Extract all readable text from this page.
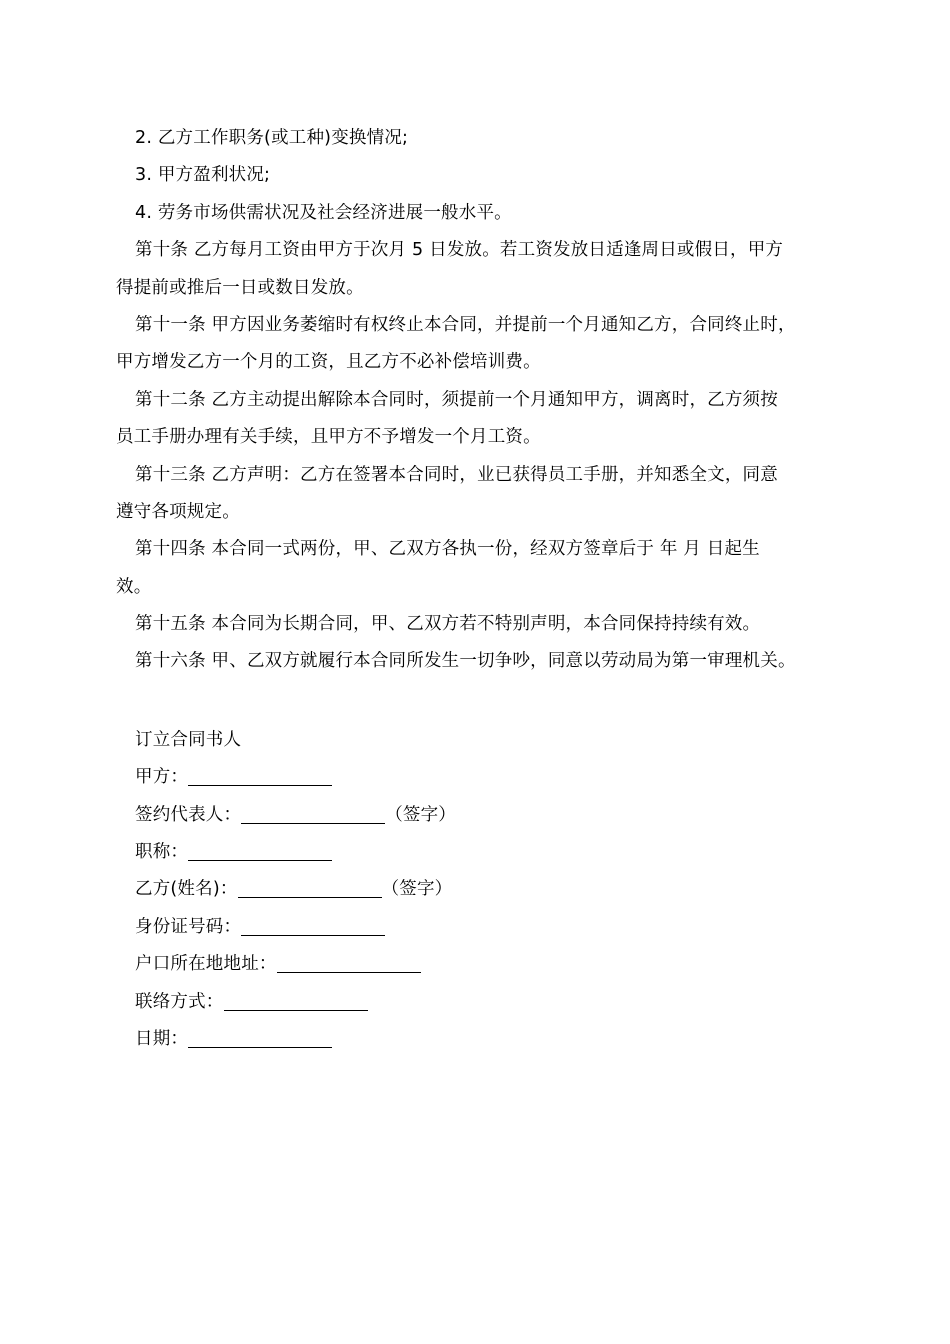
2. 乙方工作职务(或工种)变换情况;

3. 甲方盈利状况;

4. 劳务市场供需状况及社会经济进展一般水平。

第十条 乙方每月工资由甲方于次月 5 日发放。若工资发放日适逢周日或假日，甲方

得提前或推后一日或数日发放。

第十一条 甲方因业务萎缩时有权终止本合同，并提前一个月通知乙方，合同终止时，

甲方增发乙方一个月的工资，且乙方不必补偿培训费。

第十二条 乙方主动提出解除本合同时，须提前一个月通知甲方，调离时，乙方须按

员工手册办理有关手续，且甲方不予增发一个月工资。

第十三条 乙方声明：乙方在签署本合同时，业已获得员工手册，并知悉全文，同意

遵守各项规定。

第十四条 本合同一式两份，甲、乙双方各执一份，经双方签章后于 年 月 日起生

效。

第十五条 本合同为长期合同，甲、乙双方若不特别声明，本合同保持持续有效。

第十六条 甲、乙双方就履行本合同所发生一切争吵，同意以劳动局为第一审理机关。

订立合同书人

甲方：

签约代表人：	（签字）

职称：

乙方(姓名)：	（签字）

身份证号码：

户口所在地地址：

联络方式：

日期：
